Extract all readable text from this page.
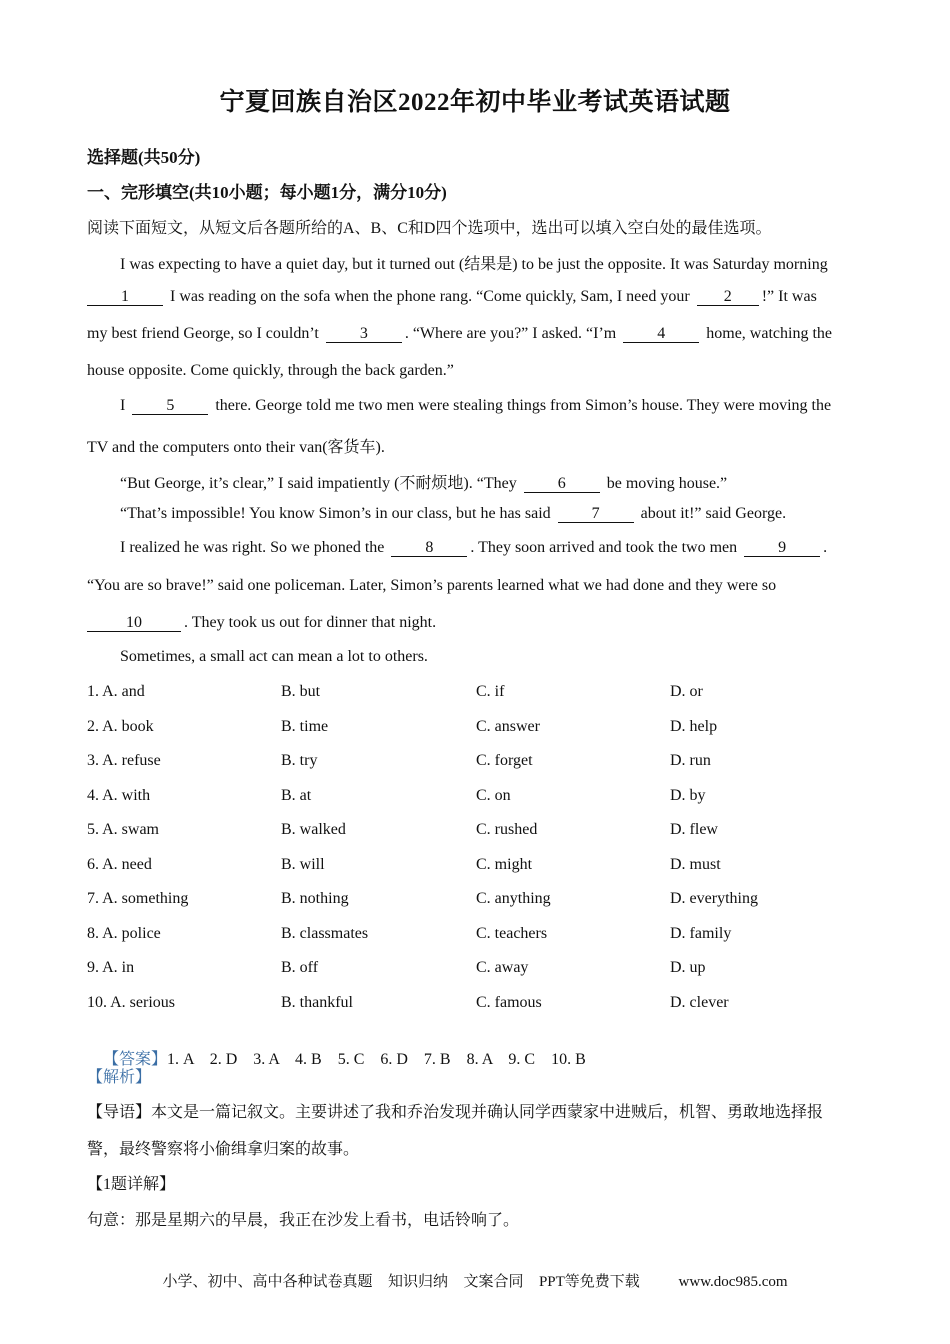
宁夏回族自治区2022年初中毕业考试英语试题
选择题(共50分)
一、完形填空(共10小题；每小题1分，满分10分)
阅读下面短文，从短文后各题所给的A、B、C和D四个选项中，选出可以填入空白处的最佳选项。
I was expecting to have a quiet day, but it turned out (结果是) to be just the opposite. It was Saturday morning
1 I was reading on the sofa when the phone rang. “Come quickly, Sam, I need your 2 !” It was
my best friend George, so I couldn’t 3 . “Where are you?” I asked. “I’m 4 home, watching the
house opposite. Come quickly, through the back garden.”
I 5 there. George told me two men were stealing things from Simon’s house. They were moving the
TV and the computers onto their van(客货车).
“But George, it’s clear,” I said impatiently (不耐烦地). “They 6 be moving house.”
“That’s impossible! You know Simon’s in our class, but he has said 7 about it!” said George.
I realized he was right. So we phoned the 8 . They soon arrived and took the two men 9 .
“You are so brave!” said one policeman. Later, Simon’s parents learned what we had done and they were so
10	. They took us out for dinner that night.
Sometimes, a small act can mean a lot to others.
1. A. and	B. but	C. if	D. or
2. A. book	B. time	C. answer	D. help
3. A. refuse	B. try	C. forget	D. run
4. A. with	B. at	C. on	D. by
5. A. swam	B. walked	C. rushed	D. flew
6. A. need	B. will	C. might	D. must
7. A. something	B. nothing	C. anything	D. everything
8. A. police	B. classmates	C. teachers	D. family
9. A. in	B. off	C. away	D. up
10. A. serious	B. thankful	C. famous	D. clever

【答案】1. A    2. D    3. A    4. B    5. C    6. D    7. B    8. A    9. C    10. B

【解析】
【导语】本文是一篇记叙文。主要讲述了我和乔治发现并确认同学西蒙家中进贼后，机智、勇敢地选择报
警，最终警察将小偷缉拿归案的故事。
【1题详解】
句意：那是星期六的早晨，我正在沙发上看书，电话铃响了。
小学、初中、高中各种试卷真题  知识归纳  文案合同  PPT等免费下载     www.doc985.com
